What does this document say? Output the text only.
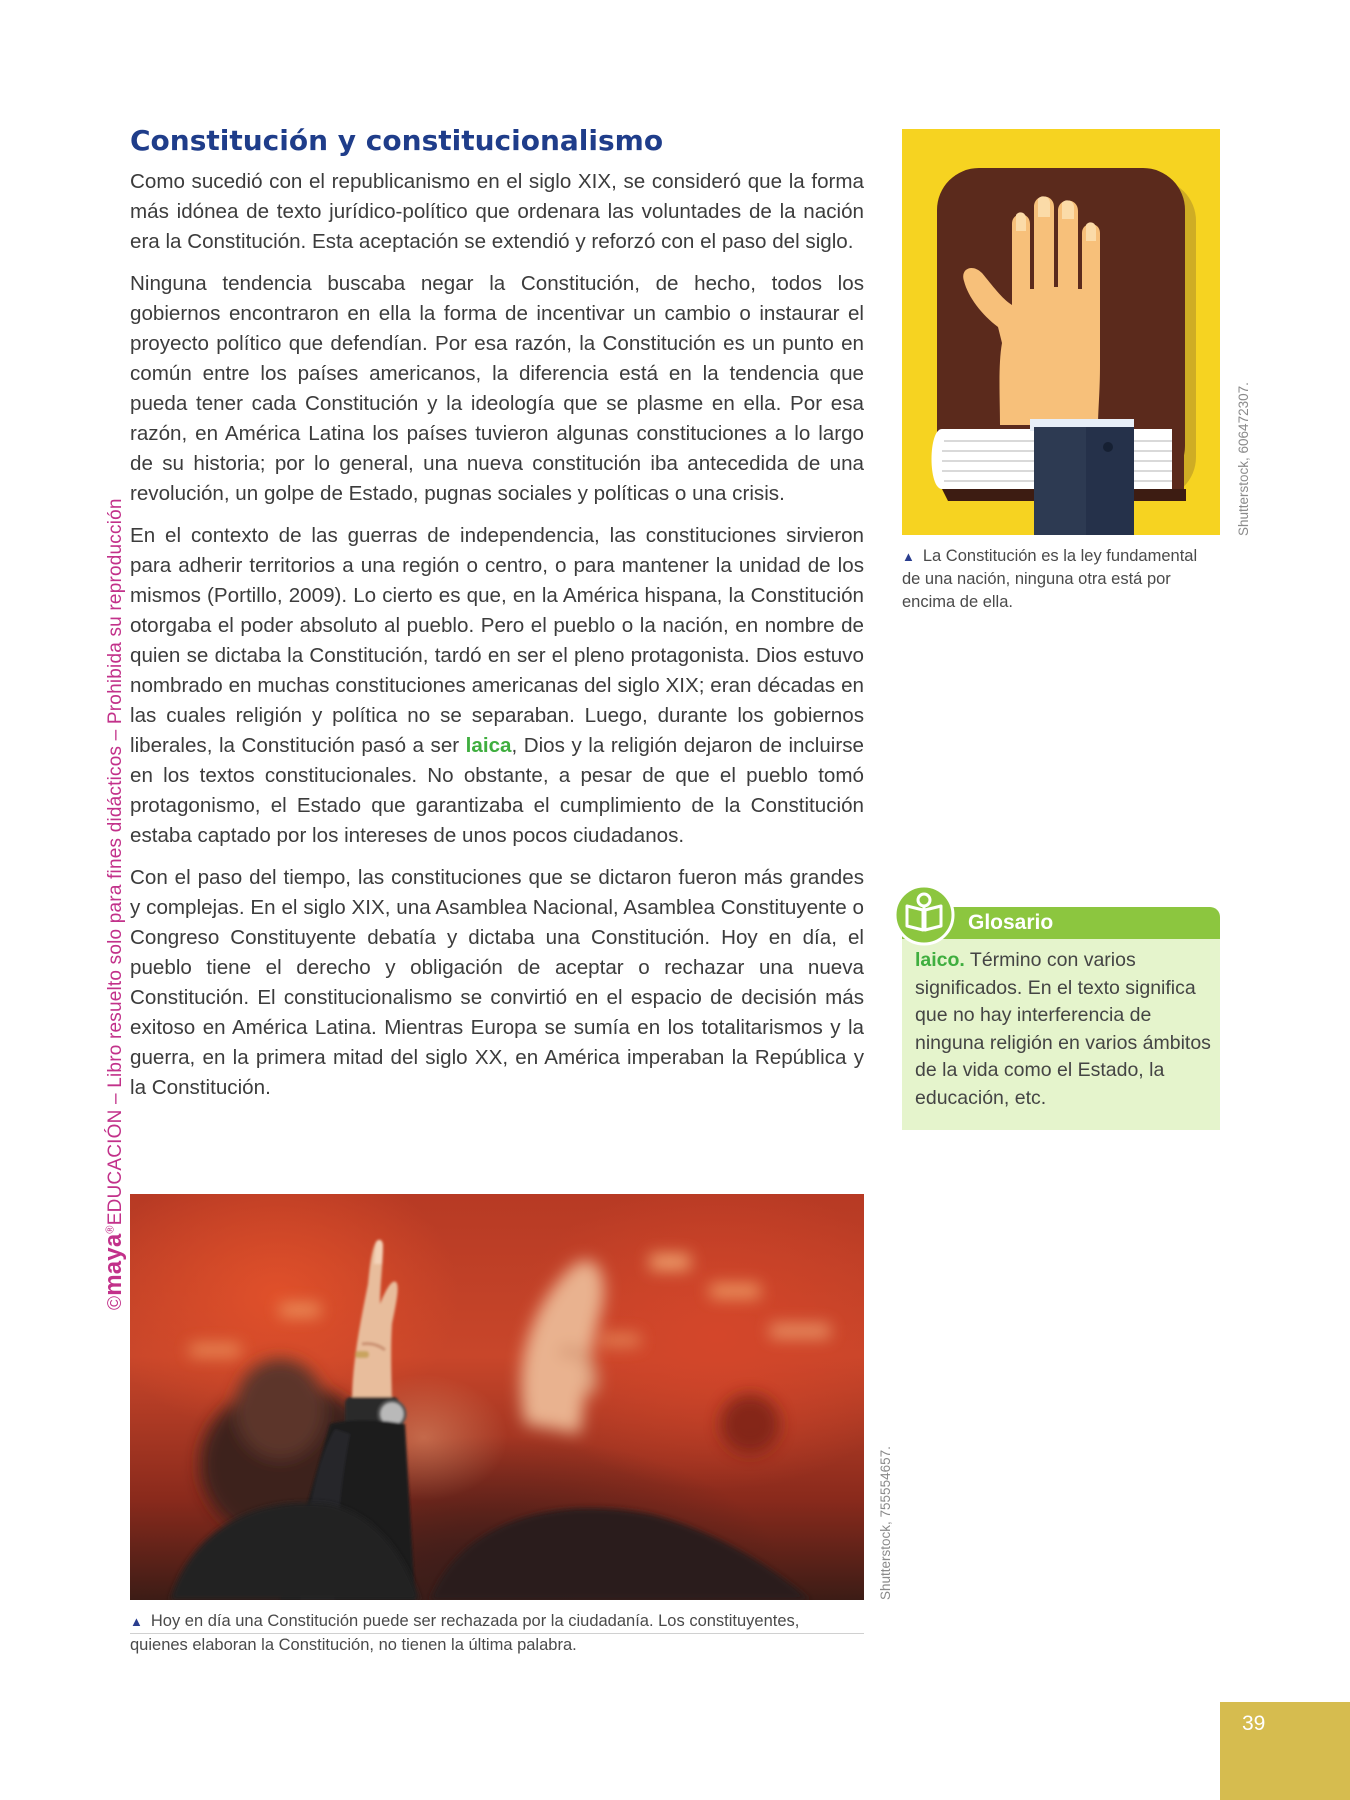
©maya®EDUCACIÓN – Libro resuelto solo para fines didácticos – Prohibida su reproducción
Constitución y constitucionalismo

Como sucedió con el republicanismo en el siglo XIX, se consideró que la forma más idónea de texto jurídico-político que ordenara las voluntades de la nación era la Constitución. Esta aceptación se extendió y reforzó con el paso del siglo.

Ninguna tendencia buscaba negar la Constitución, de hecho, todos los gobiernos encontraron en ella la forma de incentivar un cambio o instaurar el proyecto político que defendían. Por esa razón, la Constitución es un punto en común entre los países americanos, la diferencia está en la tendencia que pueda tener cada Constitución y la ideología que se plasme en ella. Por esa razón, en América Latina los países tuvieron algunas constituciones a lo largo de su historia; por lo general, una nueva constitución iba antecedida de una revolución, un golpe de Estado, pugnas sociales y políticas o una crisis.

En el contexto de las guerras de independencia, las constituciones sirvieron para adherir territorios a una región o centro, o para mantener la unidad de los mismos (Portillo, 2009). Lo cierto es que, en la América hispana, la Constitución otorgaba el poder absoluto al pueblo. Pero el pueblo o la nación, en nombre de quien se dictaba la Constitución, tardó en ser el pleno protagonista. Dios estuvo nombrado en muchas constituciones americanas del siglo XIX; eran décadas en las cuales religión y política no se separaban. Luego, durante los gobiernos liberales, la Constitución pasó a ser laica, Dios y la religión dejaron de incluirse en los textos constitucionales. No obstante, a pesar de que el pueblo tomó protagonismo, el Estado que garantizaba el cumplimiento de la Constitución estaba captado por los intereses de unos pocos ciudadanos.

Con el paso del tiempo, las constituciones que se dictaron fueron más grandes y complejas. En el siglo XIX, una Asamblea Nacional, Asamblea Constituyente o Congreso Constituyente debatía y dictaba una Constitución. Hoy en día, el pueblo tiene el derecho y obligación de aceptar o rechazar una nueva Constitución. El constitucionalismo se convirtió en el espacio de decisión más exitoso en América Latina. Mientras Europa se sumía en los totalitarismos y la guerra, en la primera mitad del siglo XX, en América imperaban la República y la Constitución.

Shutterstock, 755554657.
▲ Hoy en día una Constitución puede ser rechazada por la ciudadanía. Los constituyentes,
quienes elaboran la Constitución, no tienen la última palabra.
Shutterstock, 606472307.
▲ La Constitución es la ley fundamental de una nación, ninguna otra está por encima de ella.
Glosario
laico. Término con varios significados. En el texto significa que no hay interferencia de ninguna religión en varios ámbitos de la vida como el Estado, la educación, etc.
39
